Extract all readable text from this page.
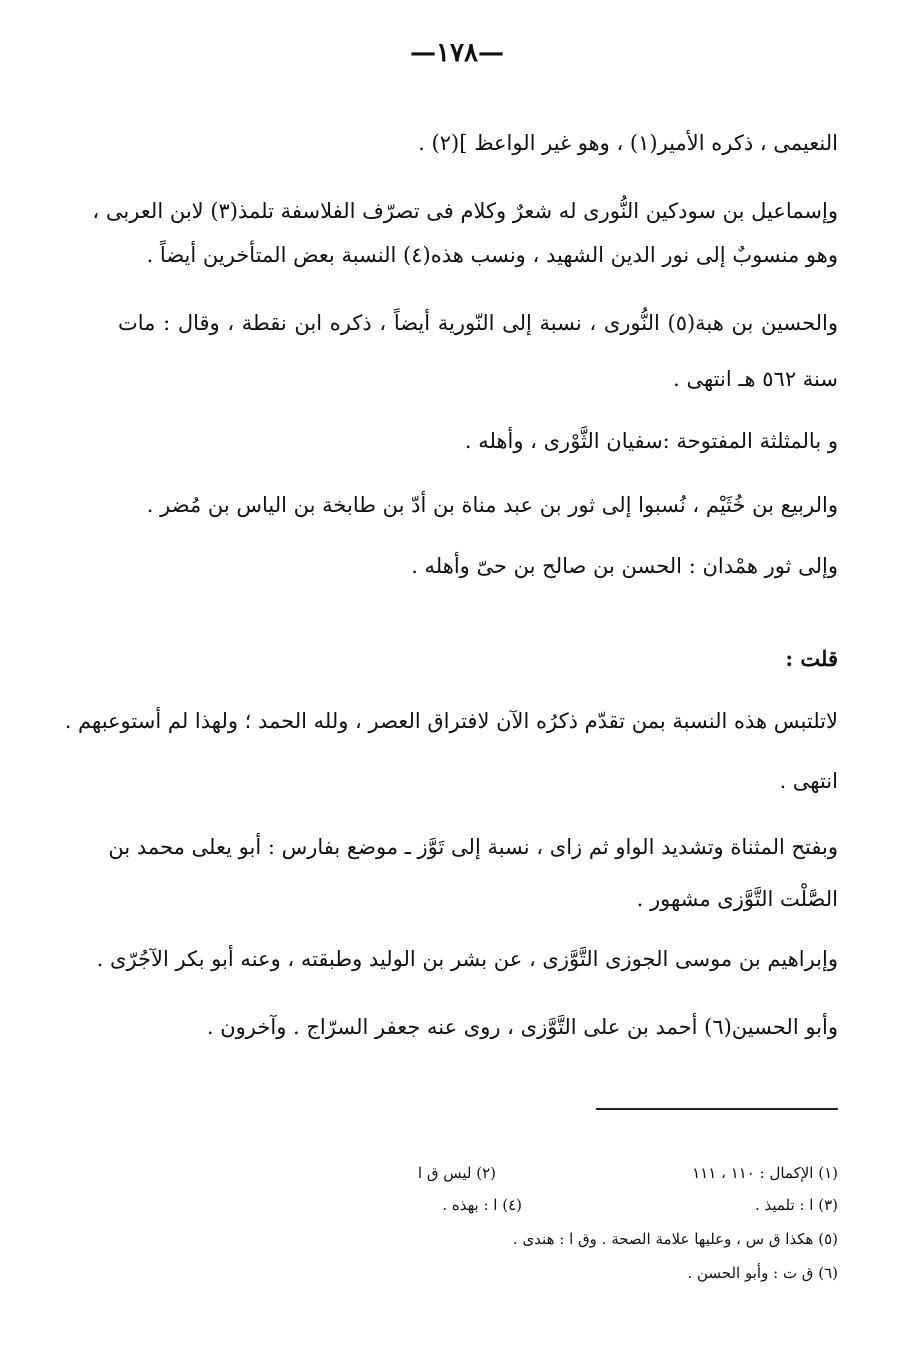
—١٧٨—
النعيمى ، ذكره الأمير(١) ، وهو غير الواعظ ](٢) .
وإسماعيل بن سودكين النُّورى له شعرٌ وكلام فى تصرّف الفلاسفة تلمذ(٣) لابن العربى ،
وهو منسوبٌ إلى نور الدين الشهيد ، ونسب هذه(٤) النسبة بعض المتأخرين أيضاً .
والحسين بن هبة(٥) النُّورى ، نسبة إلى النّورية أيضاً ، ذكره ابن نقطة ، وقال : مات
سنة ٥٦٢ هـ انتهى .
و بالمثلثة المفتوحة :سفيان الثَّوْرى ، وأهله .
والربيع بن خُثَيْم ، نُسبوا إلى ثور بن عبد مناة بن أدّ بن طابخة بن الياس بن مُضر .
وإلى ثور همْدان : الحسن بن صالح بن حىّ وأهله .
قلت :
لاتلتبس هذه النسبة بمن تقدّم ذكرُه الآن لافتراق العصر ، ولله الحمد ؛ ولهذا لم أستوعبهم .
انتهى .
وبفتح المثناة وتشديد الواو ثم زاى ، نسبة إلى تَوَّز ـ موضع بفارس : أبو يعلى محمد بن
الصَّلْت التَّوَّزى مشهور .
وإبراهيم بن موسى الجوزى التَّوَّزى ، عن بشر بن الوليد وطبقته ، وعنه أبو بكر الآجُرّى .
وأبو الحسين(٦) أحمد بن على التَّوَّزى ، روى عنه جعفر السرّاج . وآخرون .
(١) الإكمال : ١١٠ ، ١١١
(٢) ليس ق ا
(٣) ا : تلميذ .
(٤) ا : بهذه .
(٥) هكذا ق س ، وعليها علامة الصحة . وق ا : هندى .
(٦) ق ت : وأبو الحسن .
